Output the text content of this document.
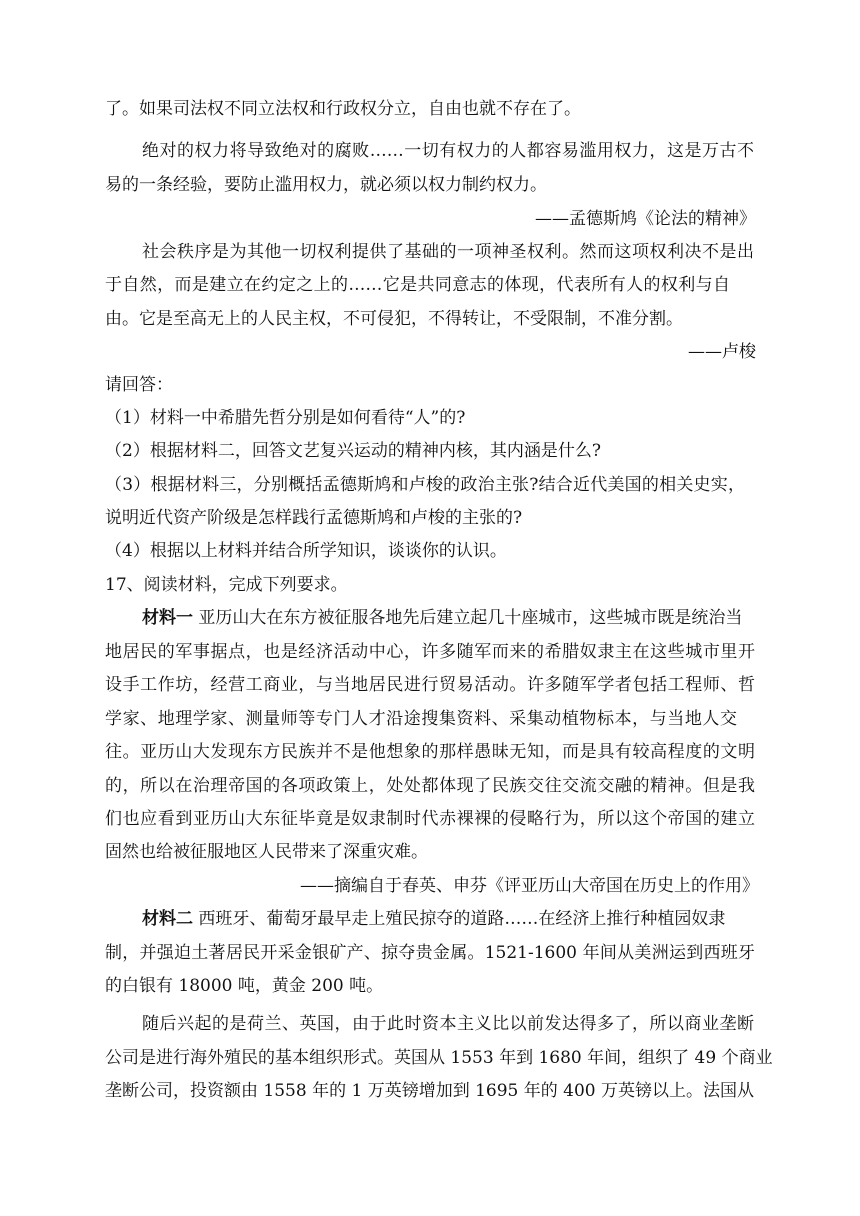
了。如果司法权不同立法权和行政权分立，自由也就不存在了。
绝对的权力将导致绝对的腐败……一切有权力的人都容易滥用权力，这是万古不
易的一条经验，要防止滥用权力，就必须以权力制约权力。
——孟德斯鸠《论法的精神》
社会秩序是为其他一切权利提供了基础的一项神圣权利。然而这项权利决不是出
于自然，而是建立在约定之上的……它是共同意志的体现，代表所有人的权利与自
由。它是至高无上的人民主权，不可侵犯，不得转让，不受限制，不准分割。
——卢梭
请回答：
（1）材料一中希腊先哲分别是如何看待“人”的?
（2）根据材料二，回答文艺复兴运动的精神内核，其内涵是什么?
（3）根据材料三，分别概括孟德斯鸠和卢梭的政治主张?结合近代美国的相关史实，
说明近代资产阶级是怎样践行孟德斯鸠和卢梭的主张的?
（4）根据以上材料并结合所学知识，谈谈你的认识。
17、阅读材料，完成下列要求。
材料一 亚历山大在东方被征服各地先后建立起几十座城市，这些城市既是统治当
地居民的军事据点，也是经济活动中心，许多随军而来的希腊奴隶主在这些城市里开
设手工作坊，经营工商业，与当地居民进行贸易活动。许多随军学者包括工程师、哲
学家、地理学家、测量师等专门人才沿途搜集资料、采集动植物标本，与当地人交
往。亚历山大发现东方民族并不是他想象的那样愚昧无知，而是具有较高程度的文明
的，所以在治理帝国的各项政策上，处处都体现了民族交往交流交融的精神。但是我
们也应看到亚历山大东征毕竟是奴隶制时代赤裸裸的侵略行为，所以这个帝国的建立
固然也给被征服地区人民带来了深重灾难。
——摘编自于春英、申芬《评亚历山大帝国在历史上的作用》
材料二 西班牙、葡萄牙最早走上殖民掠夺的道路……在经济上推行种植园奴隶
制，并强迫土著居民开采金银矿产、掠夺贵金属。1521-1600 年间从美洲运到西班牙
的白银有 18000 吨，黄金 200 吨。
随后兴起的是荷兰、英国，由于此时资本主义比以前发达得多了，所以商业垄断
公司是进行海外殖民的基本组织形式。英国从 1553 年到 1680 年间，组织了 49 个商业
垄断公司，投资额由 1558 年的 1 万英镑增加到 1695 年的 400 万英镑以上。法国从
